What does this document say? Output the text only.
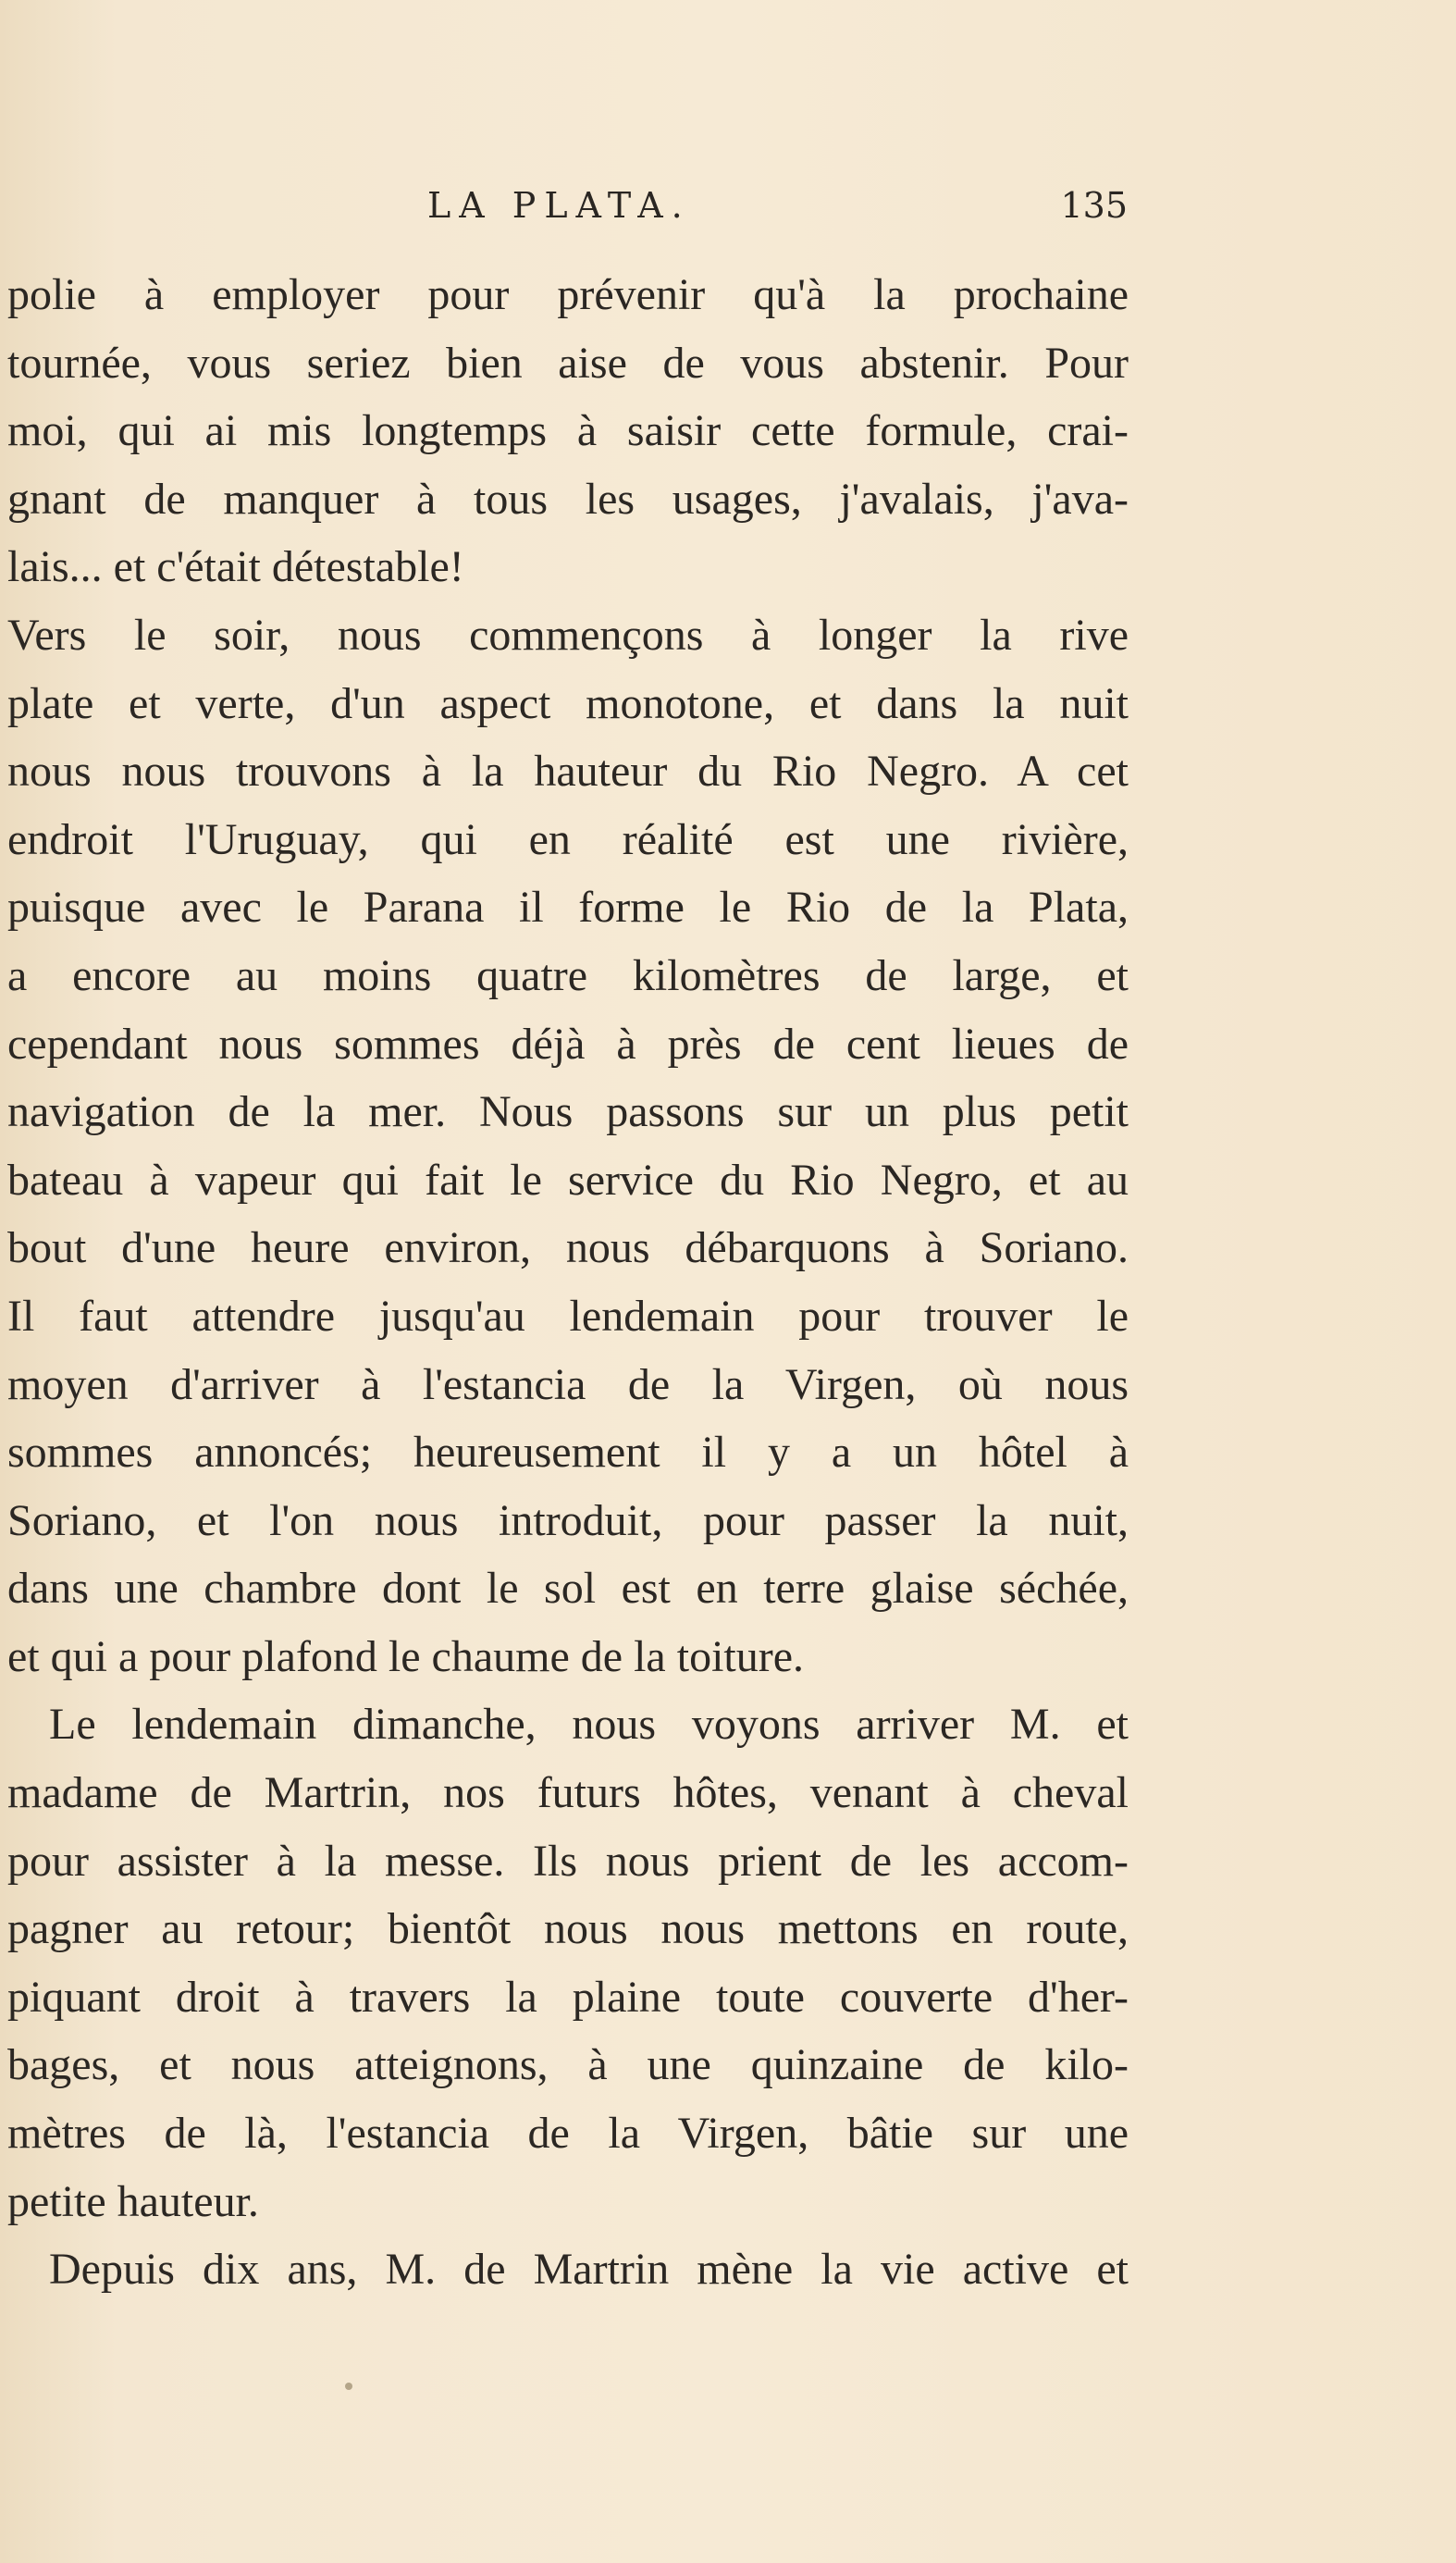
LA PLATA.	135
polie à employer pour prévenir qu'à la prochaine
tournée, vous seriez bien aise de vous abstenir. Pour
moi, qui ai mis longtemps à saisir cette formule, crai-
gnant de manquer à tous les usages, j'avalais, j'ava-
lais... et c'était détestable!
Vers le soir, nous commençons à longer la rive
plate et verte, d'un aspect monotone, et dans la nuit
nous nous trouvons à la hauteur du Rio Negro. A cet
endroit l'Uruguay, qui en réalité est une rivière,
puisque avec le Parana il forme le Rio de la Plata,
a encore au moins quatre kilomètres de large, et
cependant nous sommes déjà à près de cent lieues de
navigation de la mer. Nous passons sur un plus petit
bateau à vapeur qui fait le service du Rio Negro, et au
bout d'une heure environ, nous débarquons à Soriano.
Il faut attendre jusqu'au lendemain pour trouver le
moyen d'arriver à l'estancia de la Virgen, où nous
sommes annoncés; heureusement il y a un hôtel à
Soriano, et l'on nous introduit, pour passer la nuit,
dans une chambre dont le sol est en terre glaise séchée,
et qui a pour plafond le chaume de la toiture.
Le lendemain dimanche, nous voyons arriver M. et
madame de Martrin, nos futurs hôtes, venant à cheval
pour assister à la messe. Ils nous prient de les accom-
pagner au retour; bientôt nous nous mettons en route,
piquant droit à travers la plaine toute couverte d'her-
bages, et nous atteignons, à une quinzaine de kilo-
mètres de là, l'estancia de la Virgen, bâtie sur une
petite hauteur.
Depuis dix ans, M. de Martrin mène la vie active et
